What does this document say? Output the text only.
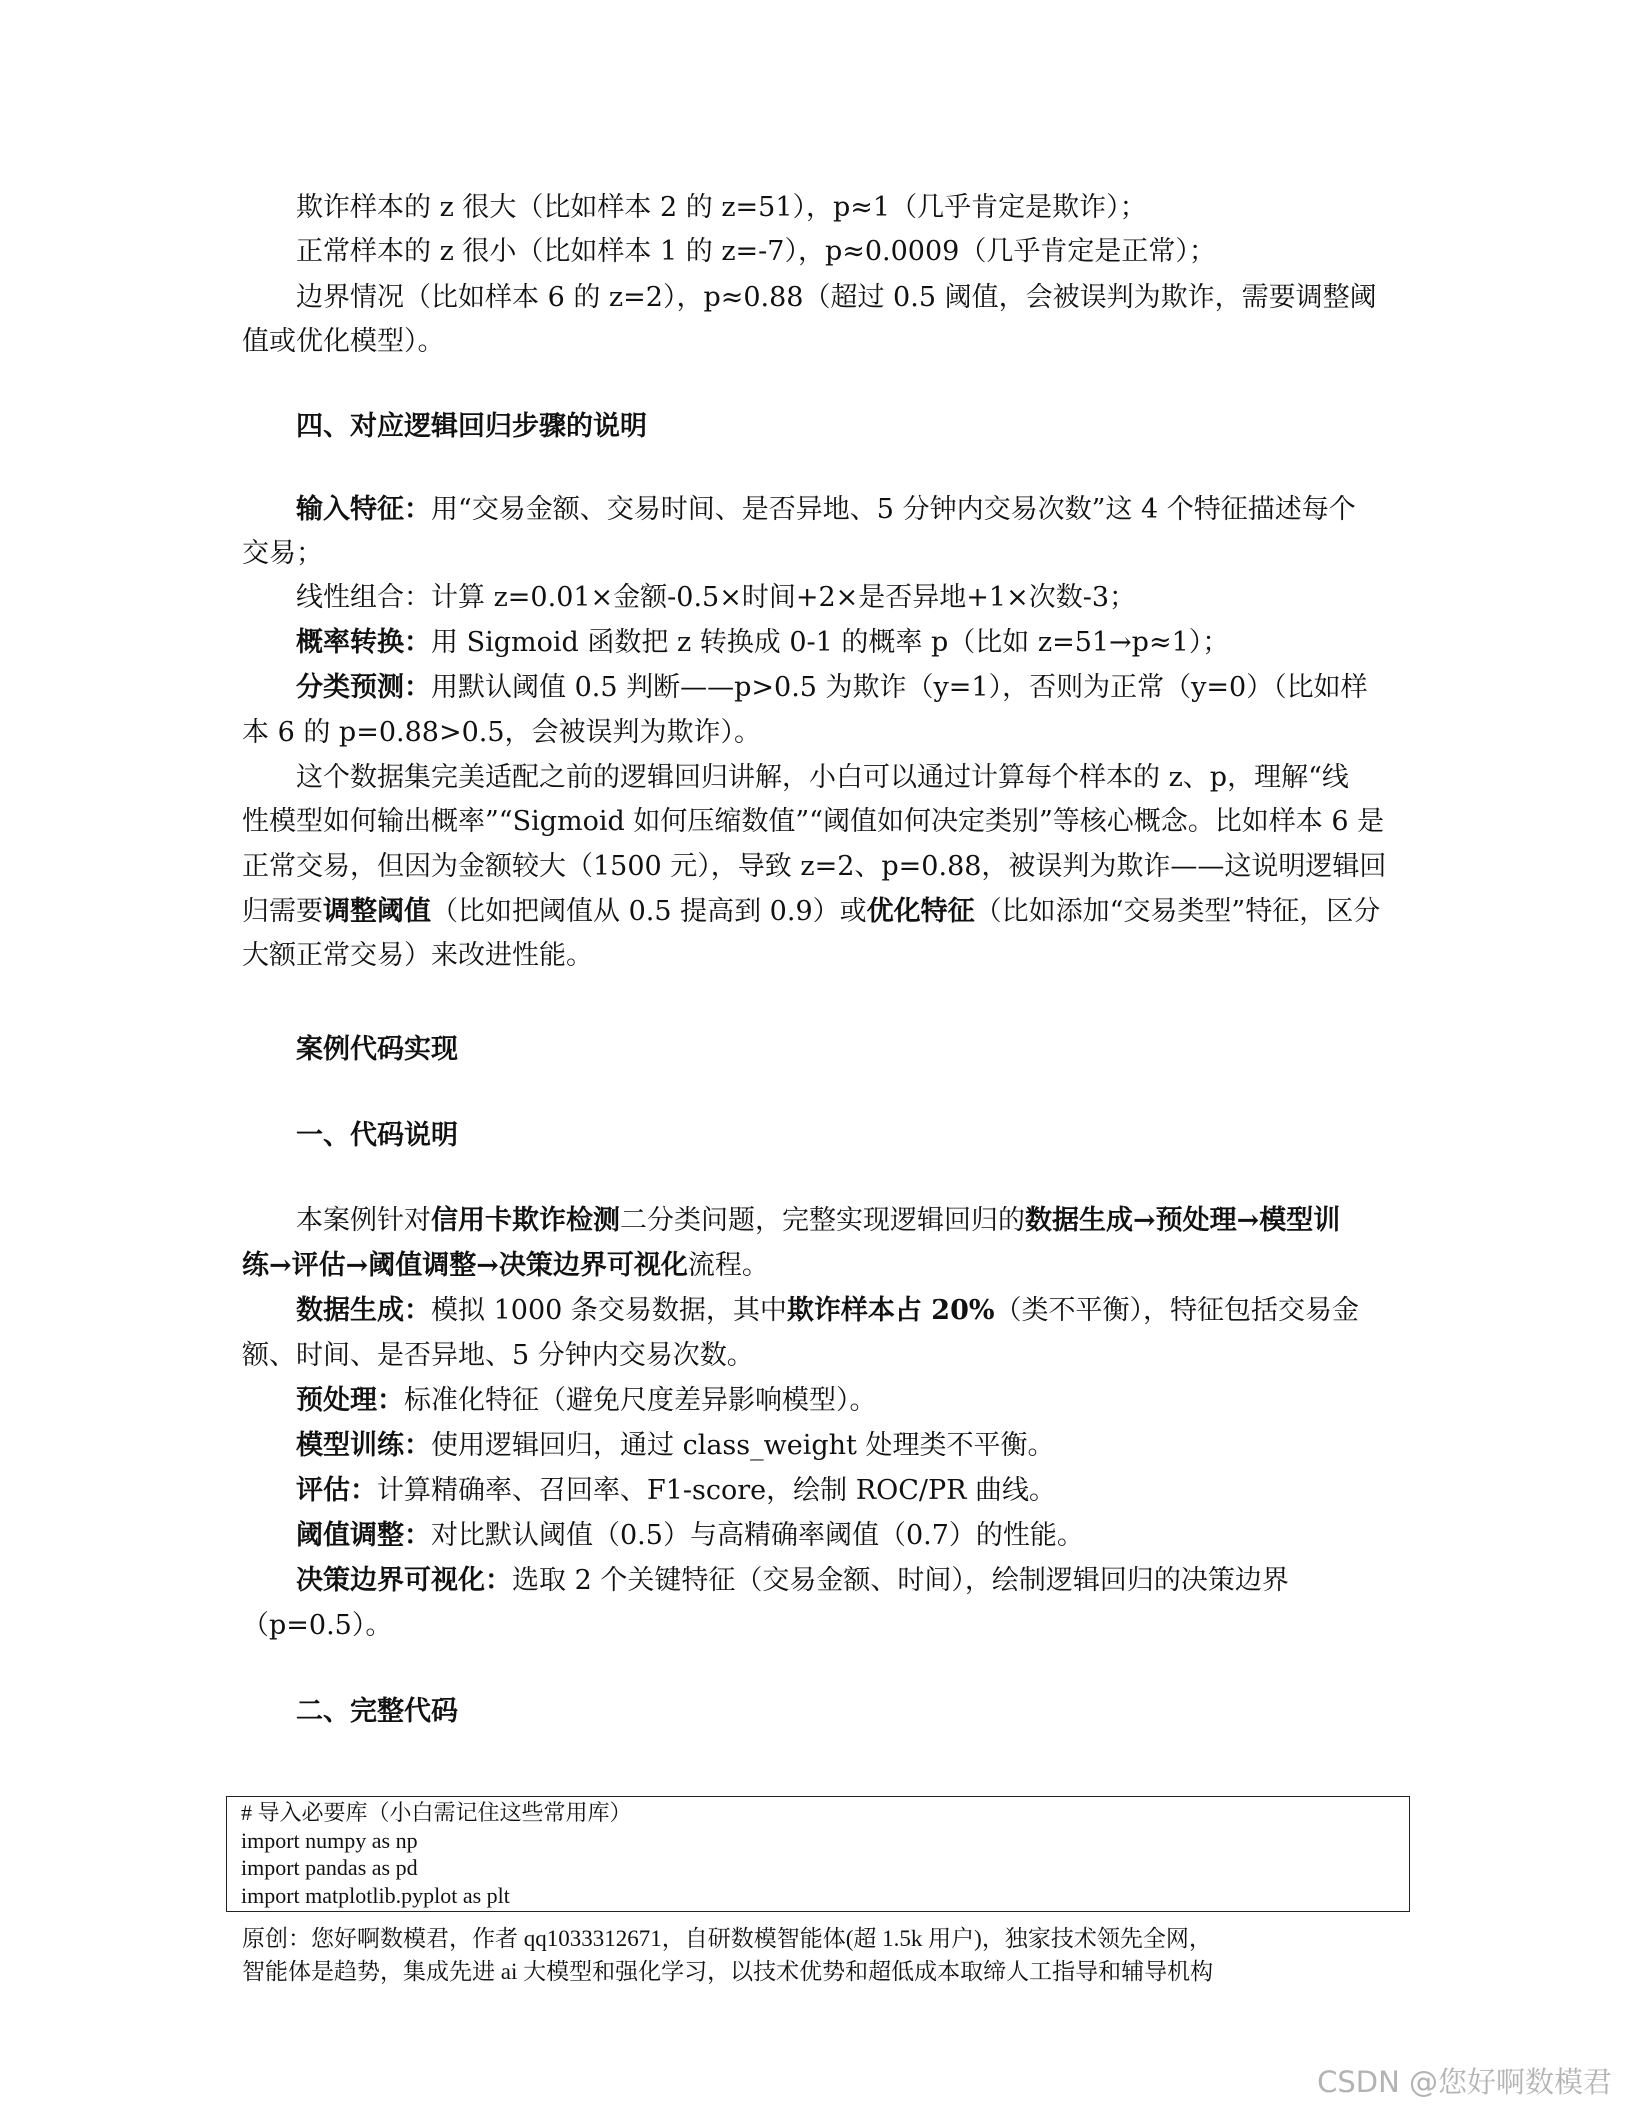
欺诈样本的 z 很大（比如样本 2 的 z=51），p≈1（几乎肯定是欺诈）；
正常样本的 z 很小（比如样本 1 的 z=-7），p≈0.0009（几乎肯定是正常）；
边界情况（比如样本 6 的 z=2），p≈0.88（超过 0.5 阈值，会被误判为欺诈，需要调整阈
值或优化模型）。
四、对应逻辑回归步骤的说明
输入特征：用“交易金额、交易时间、是否异地、5 分钟内交易次数”这 4 个特征描述每个
交易；
线性组合：计算 z=0.01×金额-0.5×时间+2×是否异地+1×次数-3；
概率转换：用 Sigmoid 函数把 z 转换成 0-1 的概率 p（比如 z=51→p≈1）；
分类预测：用默认阈值 0.5 判断——p>0.5 为欺诈（y=1），否则为正常（y=0）（比如样
本 6 的 p=0.88>0.5，会被误判为欺诈）。
这个数据集完美适配之前的逻辑回归讲解，小白可以通过计算每个样本的 z、p，理解“线
性模型如何输出概率”“Sigmoid 如何压缩数值”“阈值如何决定类别”等核心概念。比如样本 6 是
正常交易，但因为金额较大（1500 元），导致 z=2、p=0.88，被误判为欺诈——这说明逻辑回
归需要调整阈值（比如把阈值从 0.5 提高到 0.9）或优化特征（比如添加“交易类型”特征，区分
大额正常交易）来改进性能。
案例代码实现
一、代码说明
本案例针对信用卡欺诈检测二分类问题，完整实现逻辑回归的数据生成→预处理→模型训
练→评估→阈值调整→决策边界可视化流程。
数据生成：模拟 1000 条交易数据，其中欺诈样本占 20%（类不平衡），特征包括交易金
额、时间、是否异地、5 分钟内交易次数。
预处理：标准化特征（避免尺度差异影响模型）。
模型训练：使用逻辑回归，通过 class_weight 处理类不平衡。
评估：计算精确率、召回率、F1-score，绘制 ROC/PR 曲线。
阈值调整：对比默认阈值（0.5）与高精确率阈值（0.7）的性能。
决策边界可视化：选取 2 个关键特征（交易金额、时间），绘制逻辑回归的决策边界
（p=0.5）。
二、完整代码
# 导入必要库（小白需记住这些常用库）
import numpy as np
import pandas as pd
import matplotlib.pyplot as plt
原创：您好啊数模君，作者 qq1033312671，自研数模智能体(超 1.5k 用户)，独家技术领先全网，
智能体是趋势，集成先进 ai 大模型和强化学习，以技术优势和超低成本取缔人工指导和辅导机构
CSDN @您好啊数模君
